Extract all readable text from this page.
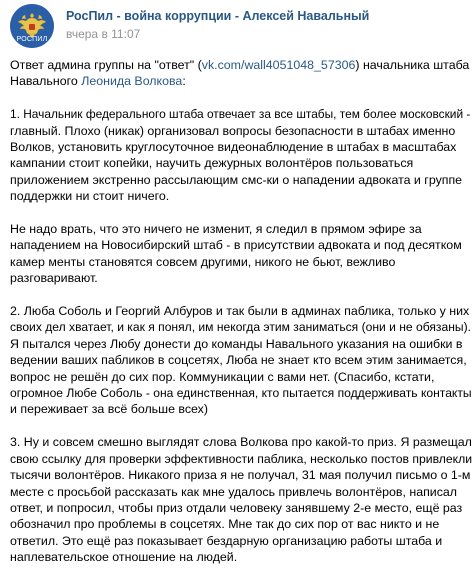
РОСПИЛ
РосПил - война коррупции - Алексей Навальный
вчера в 11:07
Ответ админа группы на "ответ" (vk.com/wall4051048_57306) начальника штаба
Навального Леонида Волкова:
1. Начальник федерального штаба отвечает за все штабы, тем более московский -
главный. Плохо (никак) организовал вопросы безопасности в штабах именно
Волков, установить круглосуточное видеонаблюдение в штабах в масштабах
кампании стоит копейки, научить дежурных волонтёров пользоваться
приложением экстренно рассылающим смс-ки о нападении адвоката и группе
поддержки ни стоит ничего.
Не надо врать, что это ничего не изменит, я следил в прямом эфире за
нападением на Новосибирский штаб - в присутствии адвоката и под десятком
камер менты становятся совсем другими, никого не бьют, вежливо
разговаривают.
2. Люба Соболь и Георгий Албуров и так были в админах паблика, только у них
своих дел хватает, и как я понял, им некогда этим заниматься (они и не обязаны).
Я пытался через Любу донести до команды Навального указания на ошибки в
ведении ваших пабликов в соцсетях, Люба не знает кто всем этим занимается,
вопрос не решён до сих пор. Коммуникации с вами нет. (Спасибо, кстати,
огромное Любе Соболь - она единственная, кто пытается поддерживать контакты
и переживает за всё больше всех)
3. Ну и совсем смешно выглядят слова Волкова про какой-то приз. Я размещал
свою ссылку для проверки эффективности паблика, несколько постов привлекли
тысячи волонтёров. Никакого приза я не получал, 31 мая получил письмо о 1-м
месте с просьбой рассказать как мне удалось привлечь волонтёров, написал
ответ, и попросил, чтобы приз отдали человеку занявшему 2-е место, ещё раз
обозначил про проблемы в соцсетях. Мне так до сих пор от вас никто и не
ответил. Это ещё раз показывает бездарную организацию работы штаба и
наплевательское отношение на людей.
